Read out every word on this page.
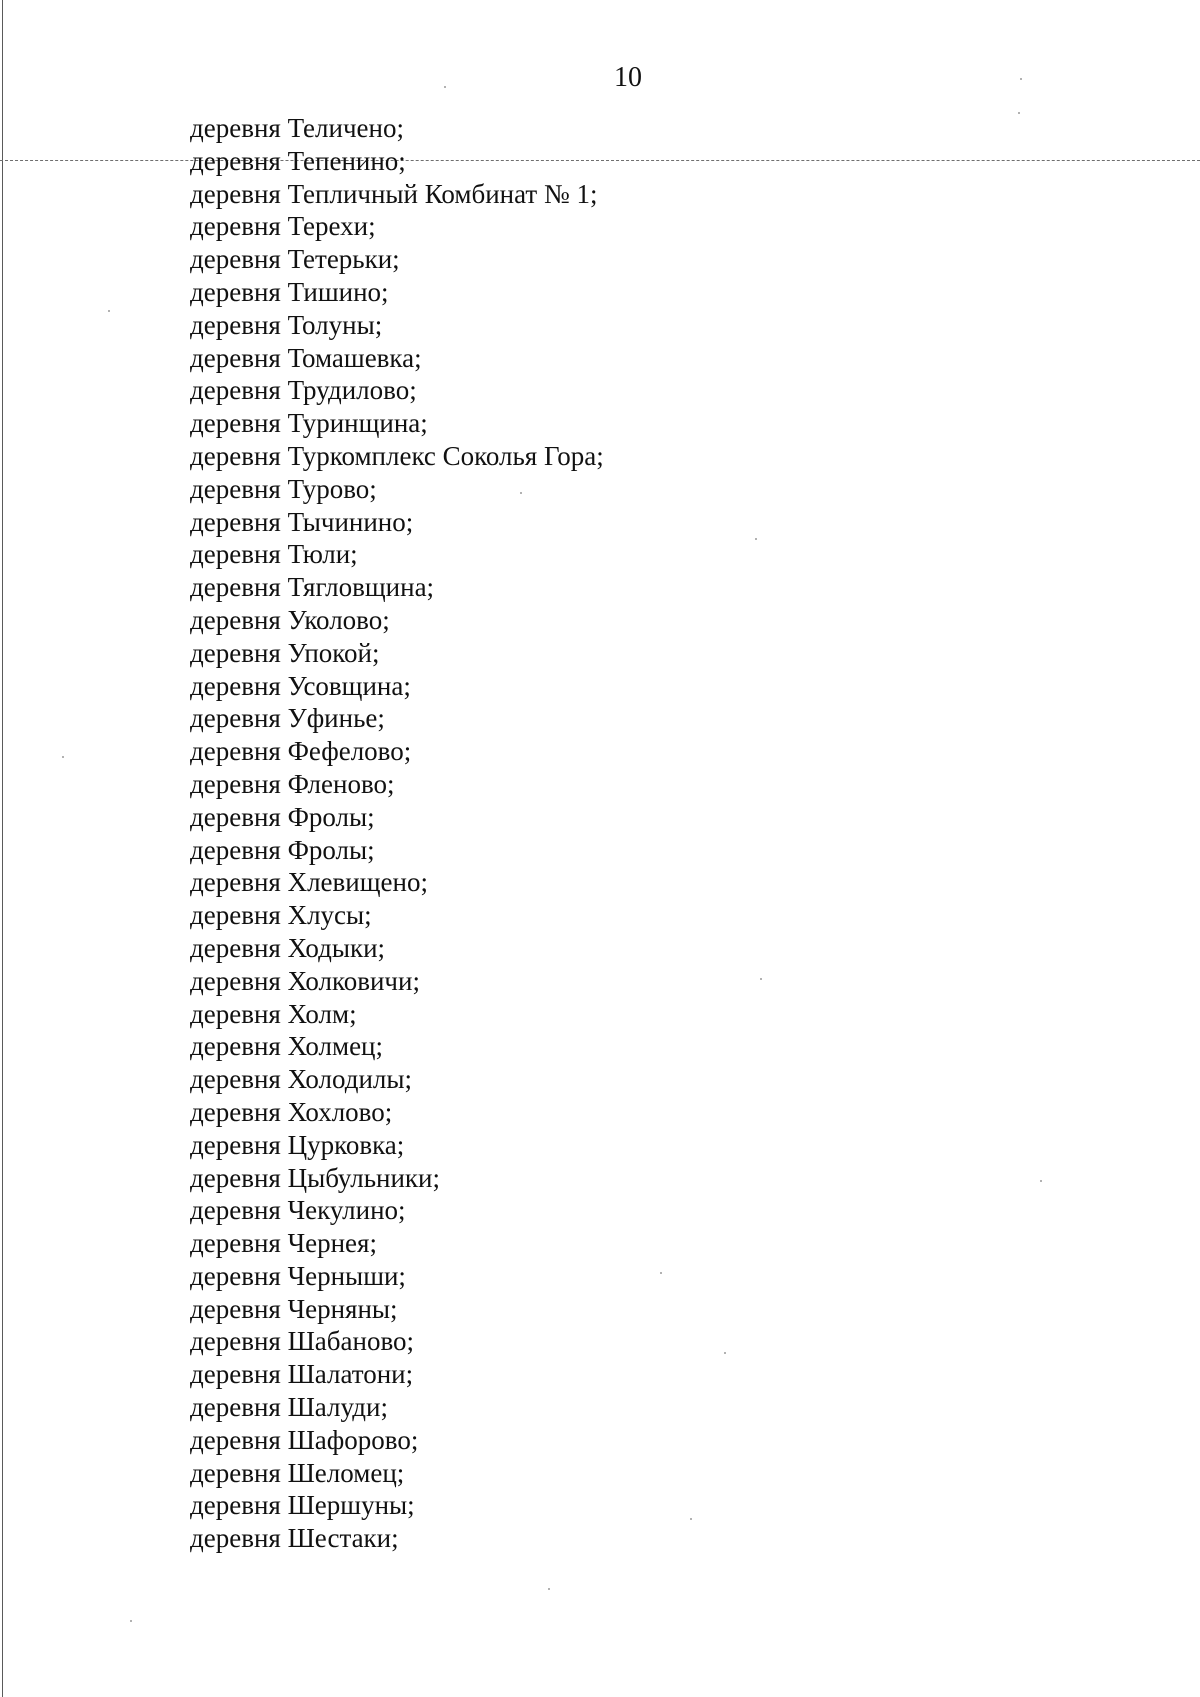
10
деревня Теличено;
деревня Тепенино;
деревня Тепличный Комбинат № 1;
деревня Терехи;
деревня Тетерьки;
деревня Тишино;
деревня Толуны;
деревня Томашевка;
деревня Трудилово;
деревня Туринщина;
деревня Туркомплекс Соколья Гора;
деревня Турово;
деревня Тычинино;
деревня Тюли;
деревня Тягловщина;
деревня Уколово;
деревня Упокой;
деревня Усовщина;
деревня Уфинье;
деревня Фефелово;
деревня Фленово;
деревня Фролы;
деревня Фролы;
деревня Хлевищено;
деревня Хлусы;
деревня Ходыки;
деревня Холковичи;
деревня Холм;
деревня Холмец;
деревня Холодилы;
деревня Хохлово;
деревня Цурковка;
деревня Цыбульники;
деревня Чекулино;
деревня Чернея;
деревня Черныши;
деревня Черняны;
деревня Шабаново;
деревня Шалатони;
деревня Шалуди;
деревня Шафорово;
деревня Шеломец;
деревня Шершуны;
деревня Шестаки;
